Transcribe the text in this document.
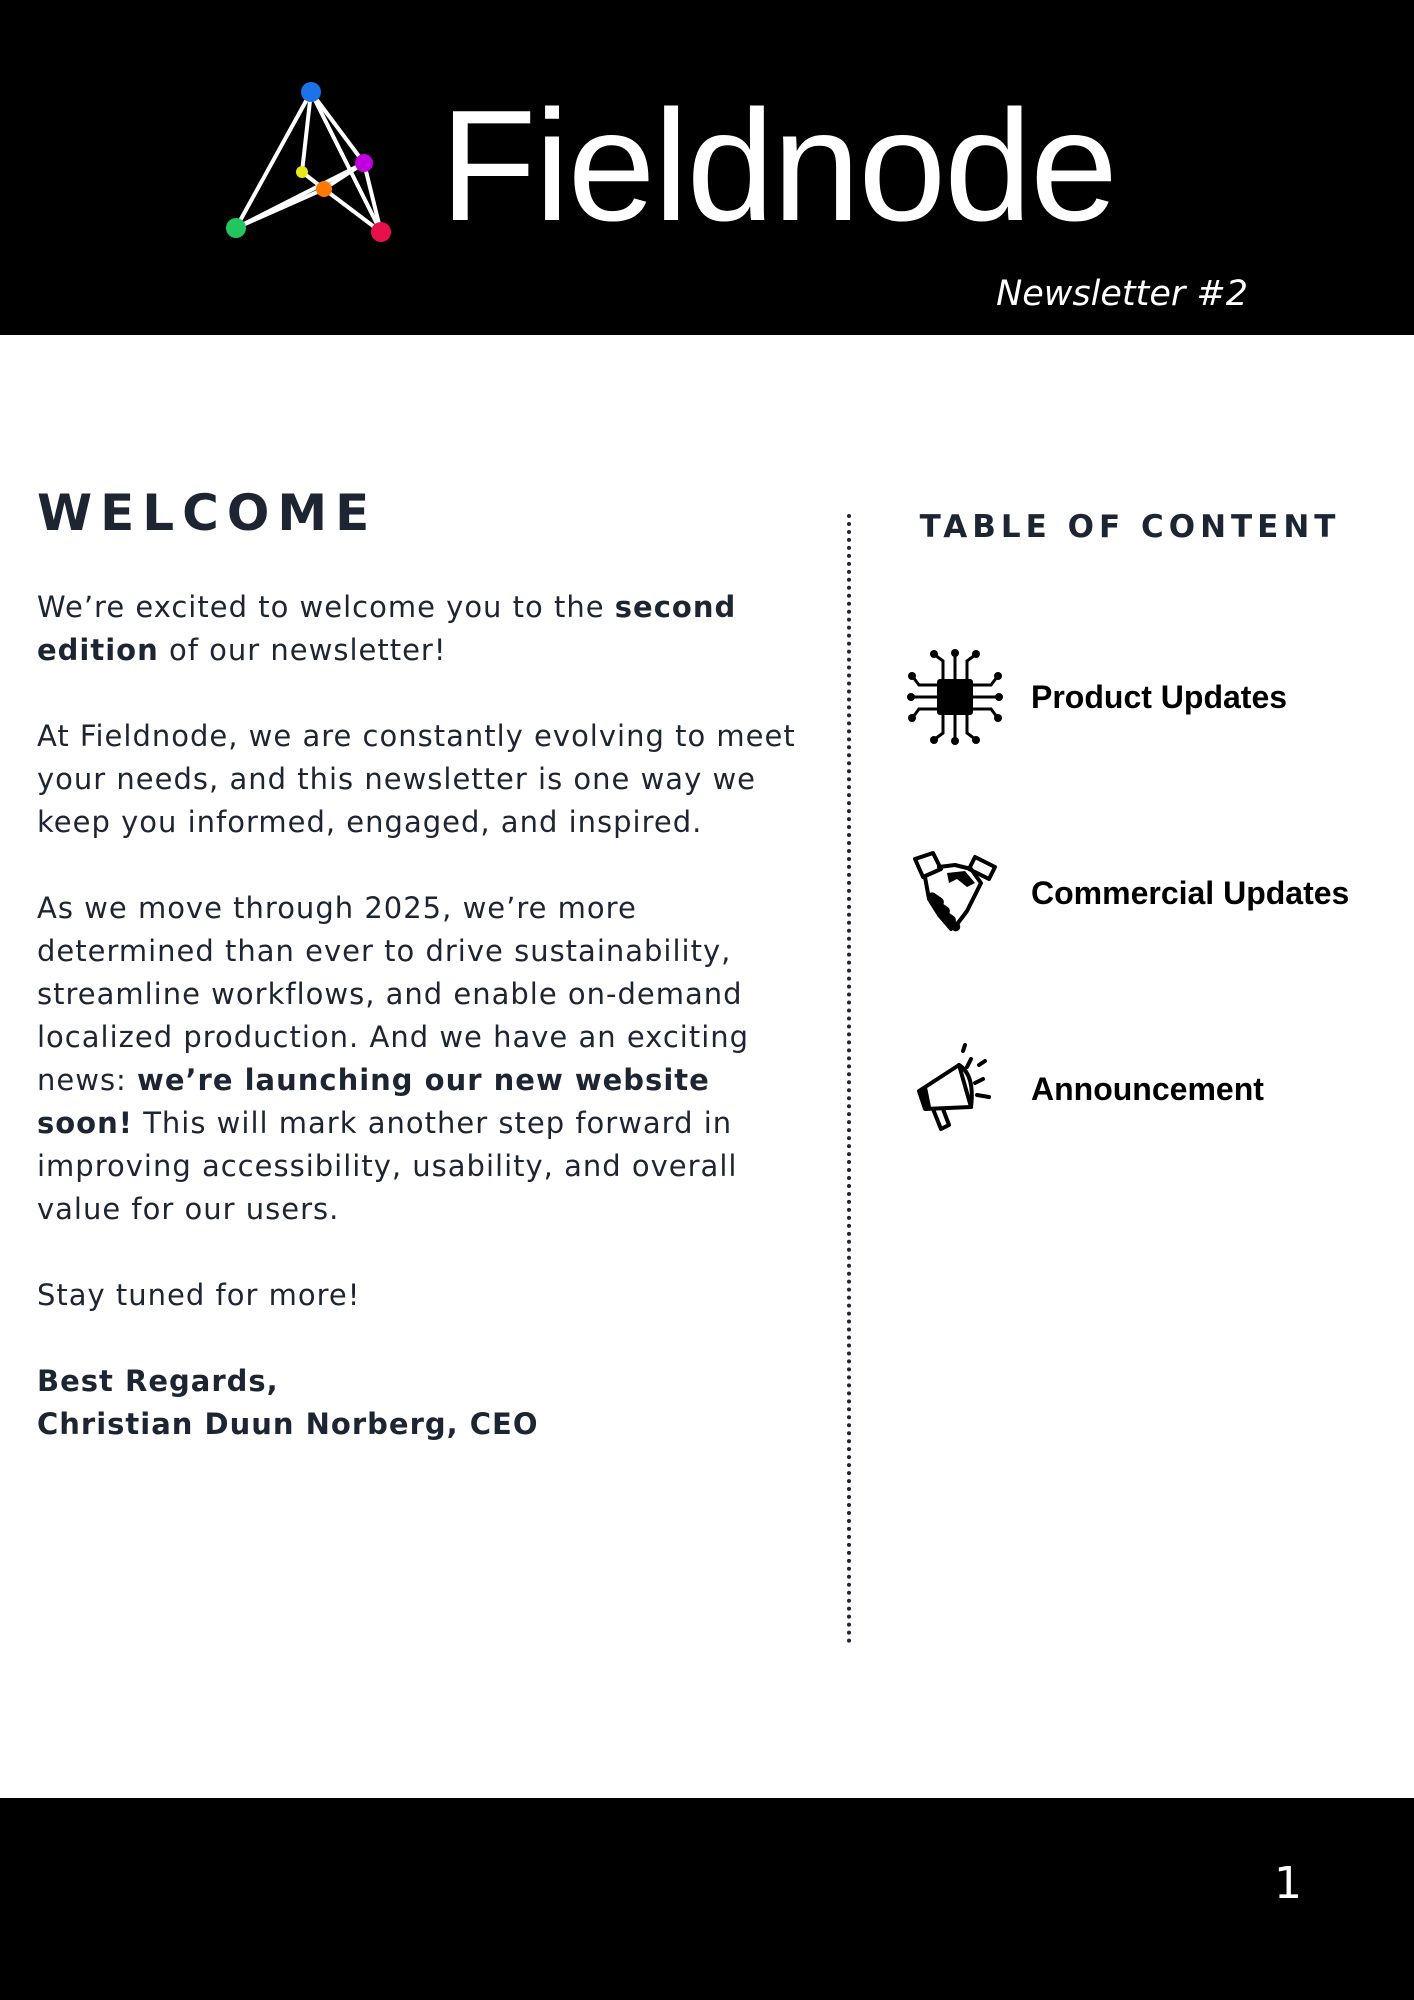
Fieldnode
Newsletter #2
WELCOME

We’re excited to welcome you to the second edition of our newsletter!

At Fieldnode, we are constantly evolving to meet your needs, and this newsletter is one way we keep you informed, engaged, and inspired.

As we move through 2025, we’re more determined than ever to drive sustainability, streamline workflows, and enable on-demand localized production. And we have an exciting news: we’re launching our new website soon! This will mark another step forward in improving accessibility, usability, and overall value for our users.

Stay tuned for more!

Best Regards,

Christian Duun Norberg, CEO

TABLE OF CONTENT
Product Updates
Commercial Updates
Announcement
1
